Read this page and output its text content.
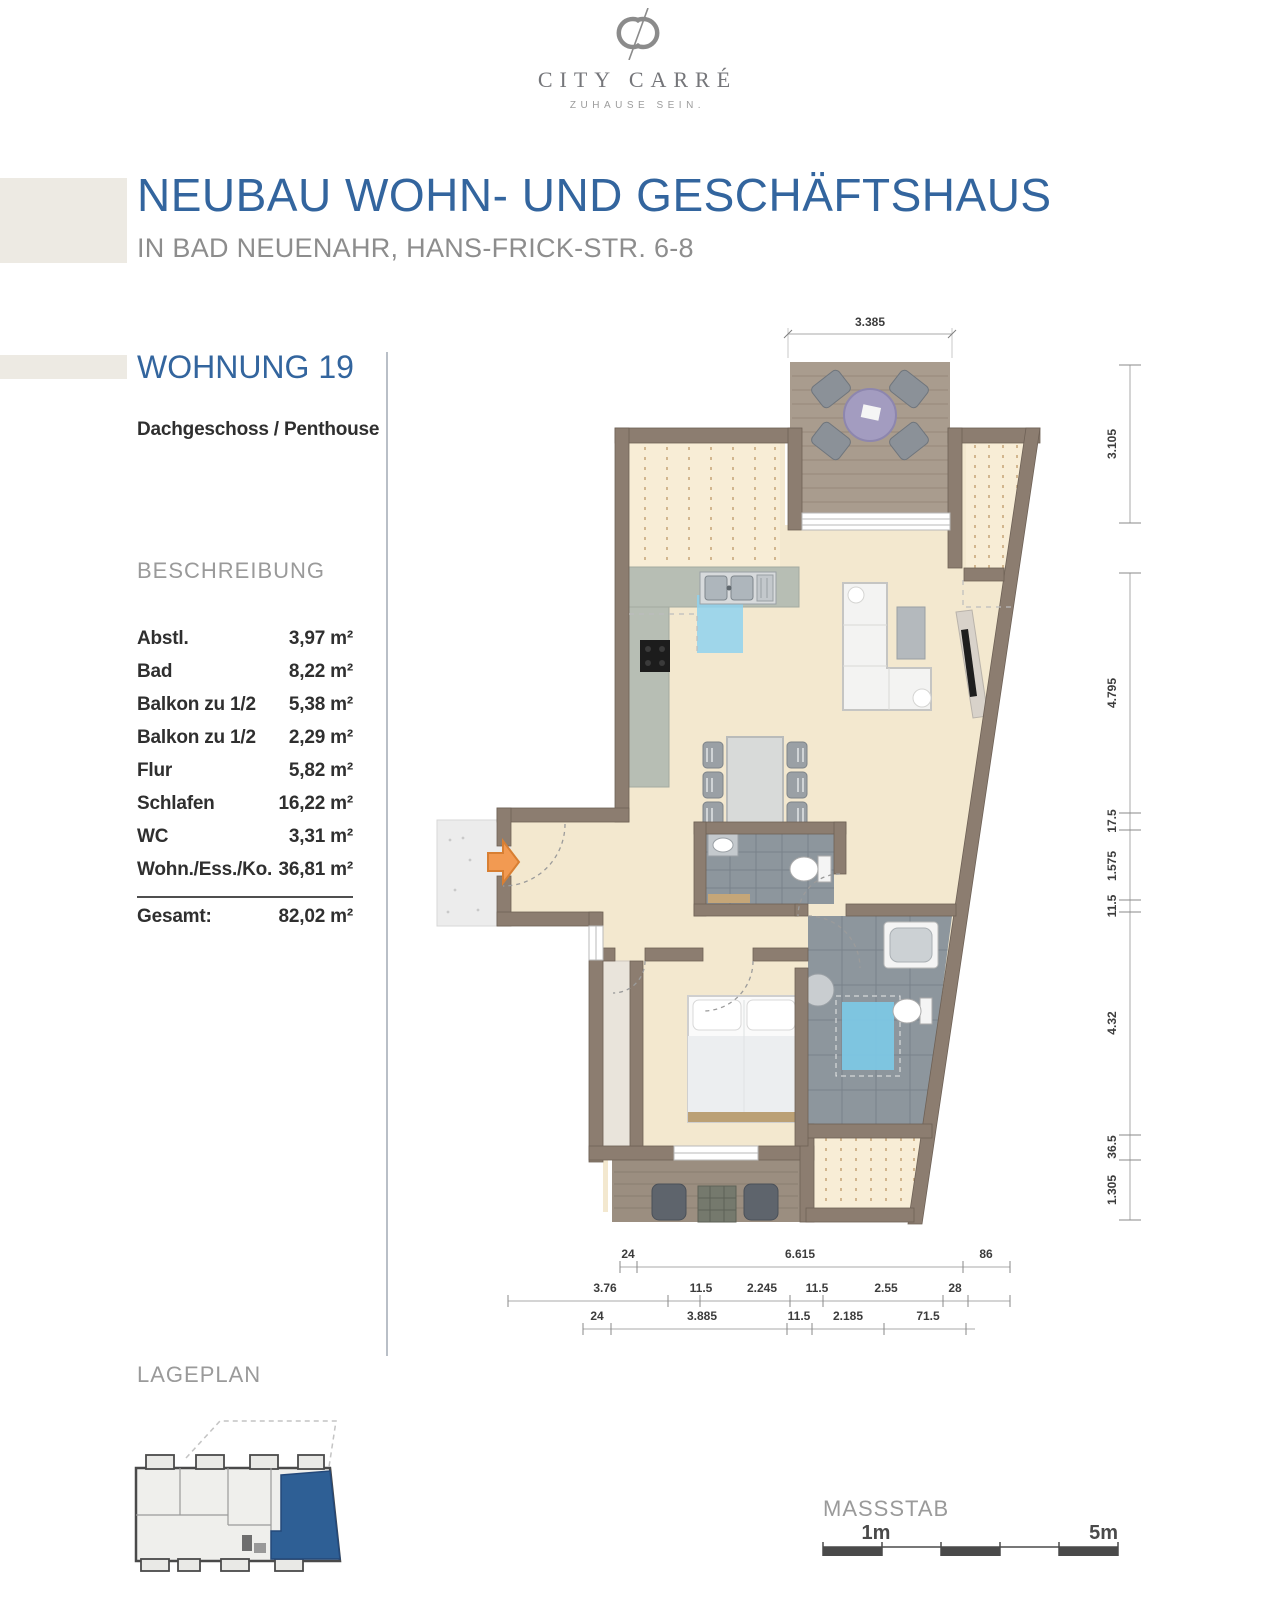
CITY CARRÉ
ZUHAUSE SEIN.
NEUBAU WOHN- UND GESCHÄFTSHAUS
IN BAD NEUENAHR, HANS-FRICK-STR. 6-8
WOHNUNG 19
Dachgeschoss / Penthouse
BESCHREIBUNG
Abstl.	3,97 m²
Bad	8,22 m²
Balkon zu 1/2 5,38 m²
Balkon zu 1/2 2,29 m²
Flur	5,82 m²
Schlafen	16,22 m²
WC	3,31 m²
Wohn./Ess./Ko. 36,81 m²
Gesamt:	82,02 m²
LAGEPLAN
3.385
3.105
4.795
17.5
1.575
11.5
4.32
36.5
1.305
24	6.615	86
3.76	11.5	2.245 11.5	2.55	28
24	3.885	11.5 2.185	71.5
MASSSTAB
1m	5m
